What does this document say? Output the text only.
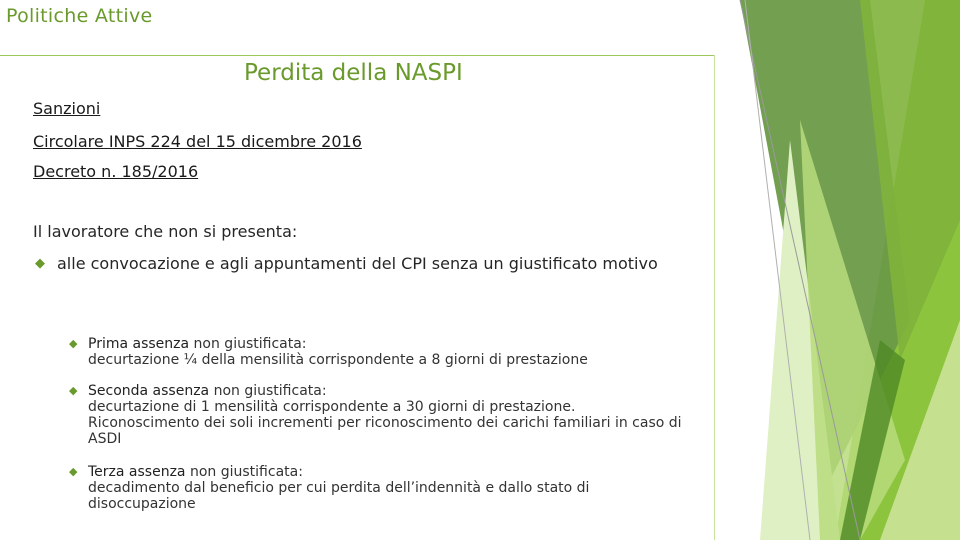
Politiche Attive
Perdita della NASPI
Sanzioni
Circolare INPS 224 del 15 dicembre 2016
Decreto n. 185/2016
Il lavoratore che non si presenta:
◆ alle convocazione e agli appuntamenti del CPI senza un giustificato motivo
◆ Prima assenza non giustificata:
decurtazione ¼ della mensilità corrispondente a 8 giorni di prestazione
◆ Seconda assenza non giustificata:
decurtazione di 1 mensilità corrispondente a 30 giorni di prestazione. Riconoscimento dei soli incrementi per riconoscimento dei carichi familiari in caso di ASDI
◆ Terza assenza non giustificata:
decadimento dal beneficio per cui perdita dell’indennità e dallo stato di disoccupazione
